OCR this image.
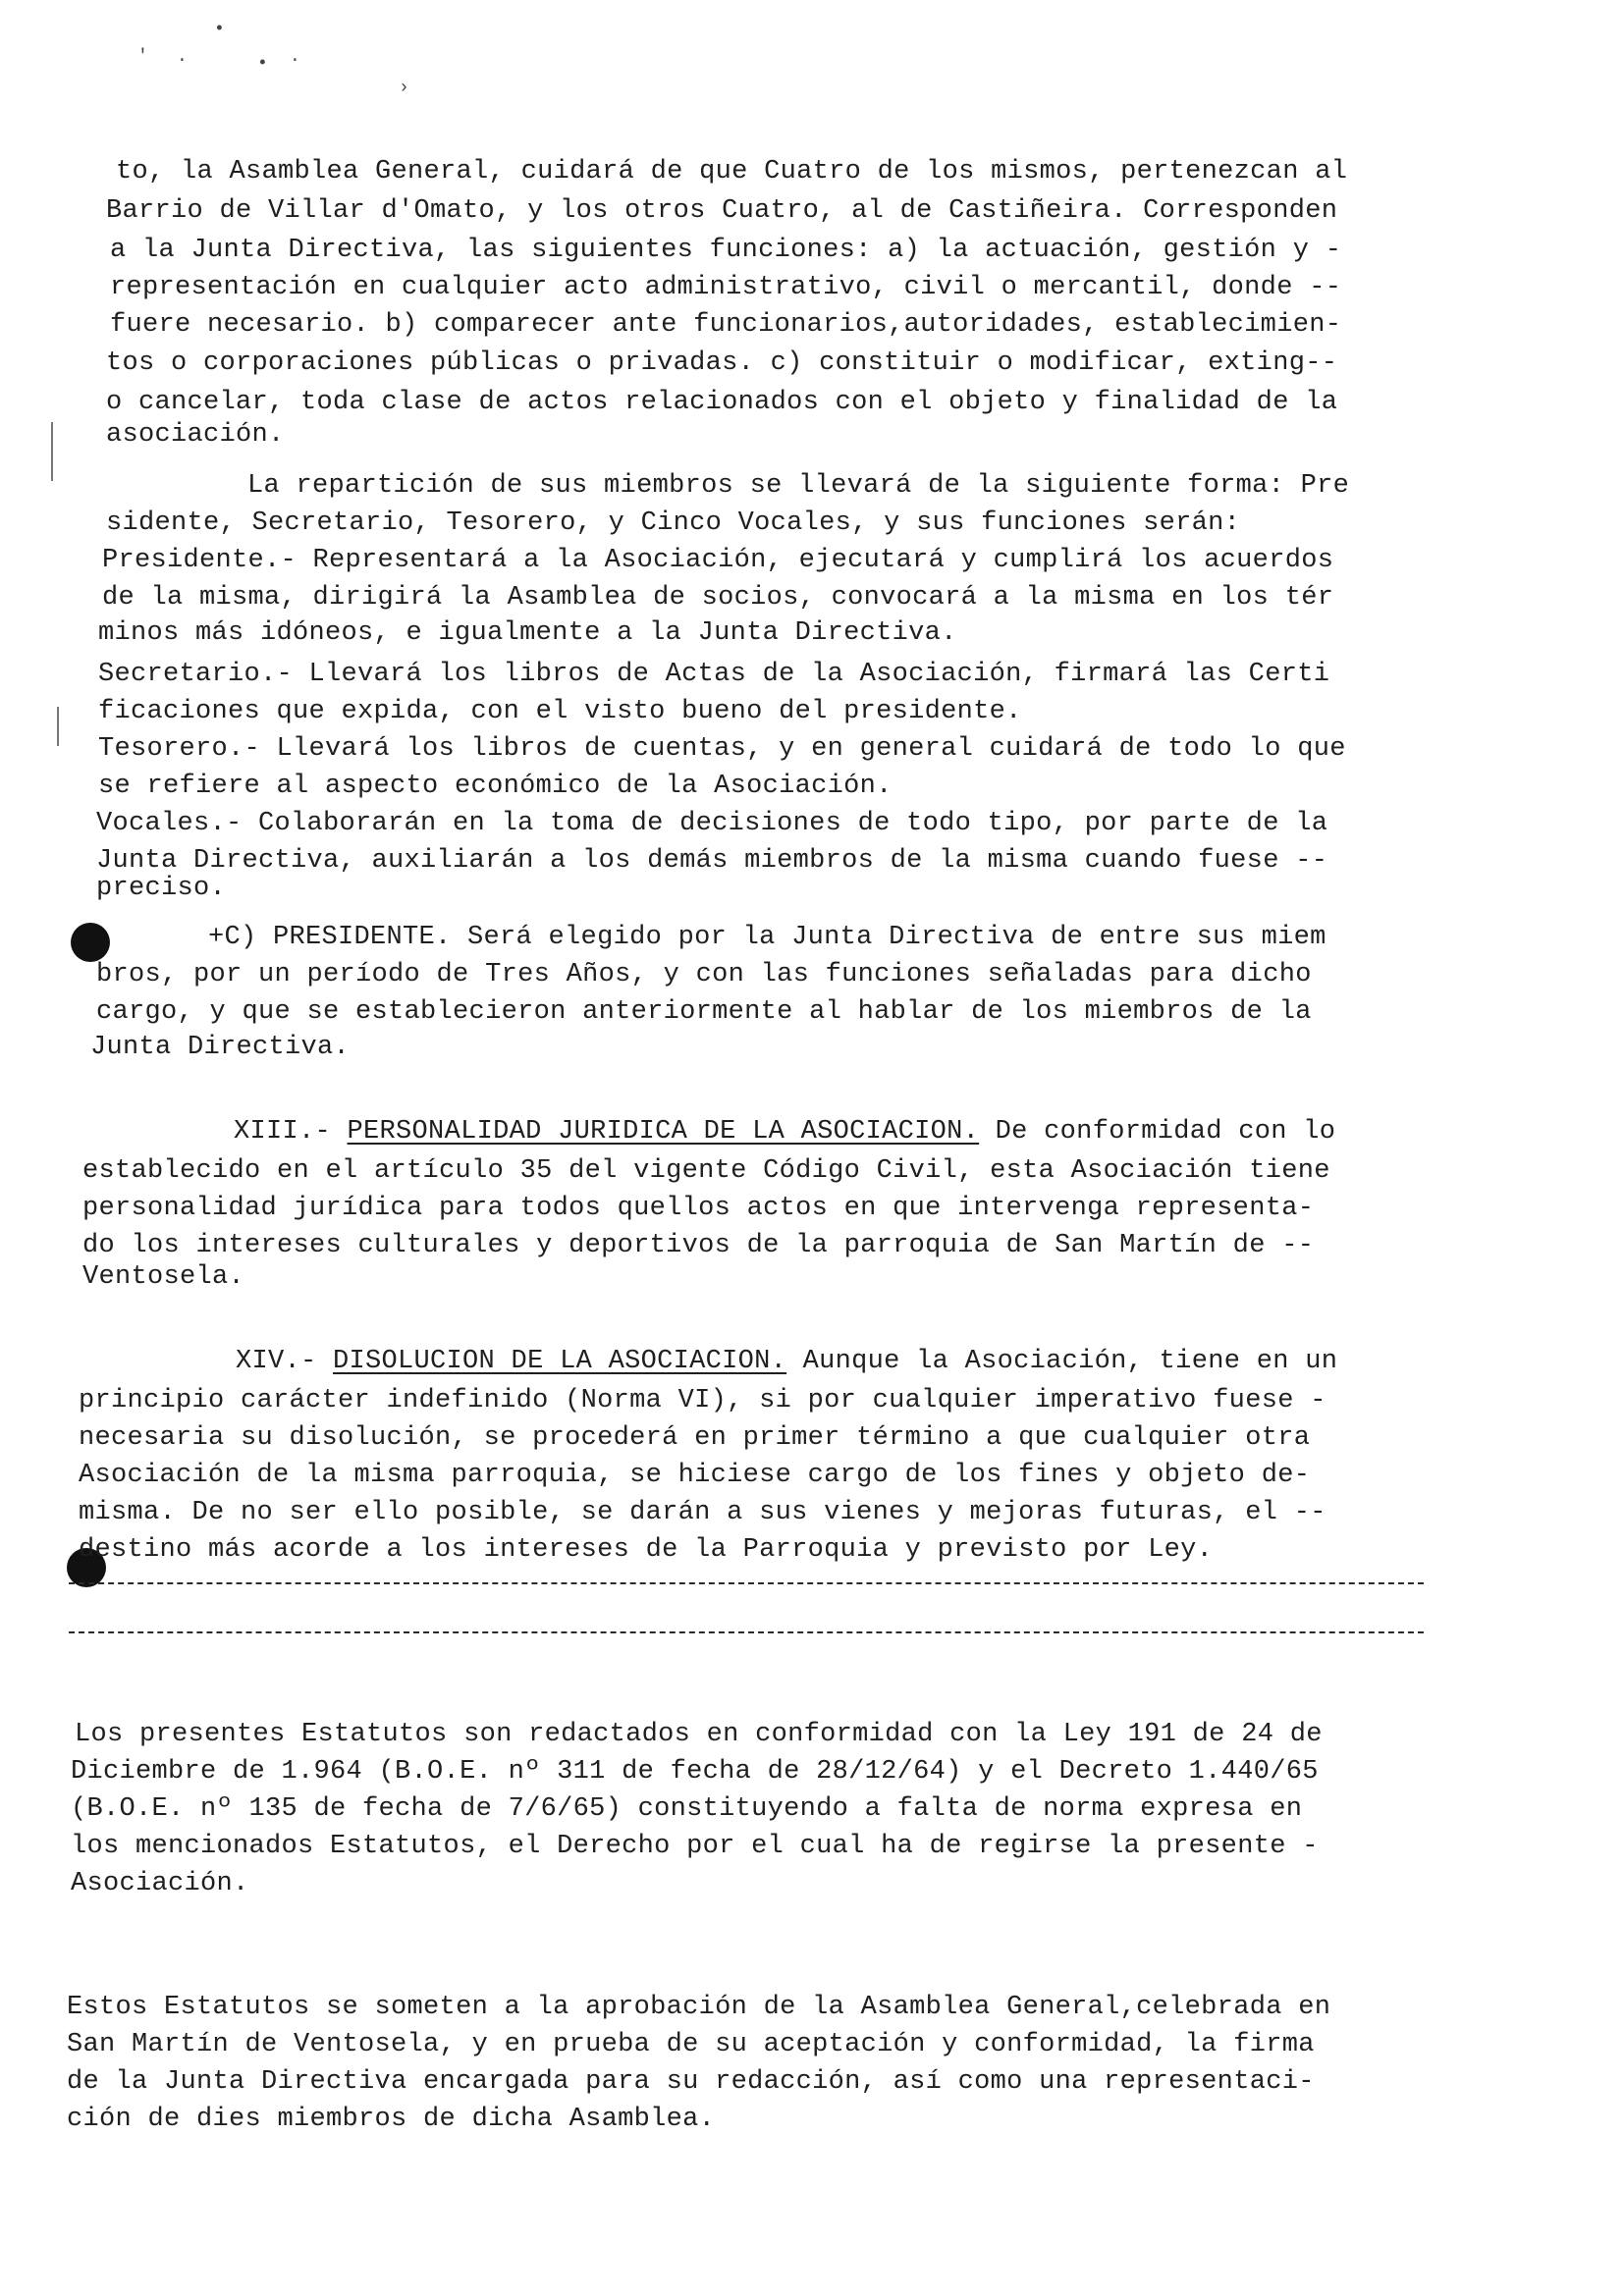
•
' ·	• ·
›
to, la Asamblea General, cuidará de que Cuatro de los mismos, pertenezcan al
Barrio de Villar d'Omato, y los otros Cuatro, al de Castiñeira. Corresponden
a la Junta Directiva, las siguientes funciones: a) la actuación, gestión y -
representación en cualquier acto administrativo, civil o mercantil, donde --
fuere necesario. b) comparecer ante funcionarios,autoridades, establecimien-
tos o corporaciones públicas o privadas. c) constituir o modificar, exting--
o cancelar, toda clase de actos relacionados con el objeto y finalidad de la
asociación.
La repartición de sus miembros se llevará de la siguiente forma: Pre
sidente, Secretario, Tesorero, y Cinco Vocales, y sus funciones serán:
Presidente.- Representará a la Asociación, ejecutará y cumplirá los acuerdos
de la misma, dirigirá la Asamblea de socios, convocará a la misma en los tér
minos más idóneos, e igualmente a la Junta Directiva.
Secretario.- Llevará los libros de Actas de la Asociación, firmará las Certi
ficaciones que expida, con el visto bueno del presidente.
Tesorero.- Llevará los libros de cuentas, y en general cuidará de todo lo que
se refiere al aspecto económico de la Asociación.
Vocales.- Colaborarán en la toma de decisiones de todo tipo, por parte de la
Junta Directiva, auxiliarán a los demás miembros de la misma cuando fuese --
preciso.
+C) PRESIDENTE. Será elegido por la Junta Directiva de entre sus miem
bros, por un período de Tres Años, y con las funciones señaladas para dicho
cargo, y que se establecieron anteriormente al hablar de los miembros de la
Junta Directiva.
XIII.- PERSONALIDAD JURIDICA DE LA ASOCIACION. De conformidad con lo
establecido en el artículo 35 del vigente Código Civil, esta Asociación tiene
personalidad jurídica para todos quellos actos en que intervenga representa-
do los intereses culturales y deportivos de la parroquia de San Martín de --
Ventosela.
XIV.- DISOLUCION DE LA ASOCIACION. Aunque la Asociación, tiene en un
principio carácter indefinido (Norma VI), si por cualquier imperativo fuese -
necesaria su disolución, se procederá en primer término a que cualquier otra
Asociación de la misma parroquia, se hiciese cargo de los fines y objeto de-
misma. De no ser ello posible, se darán a sus vienes y mejoras futuras, el --
destino más acorde a los intereses de la Parroquia y previsto por Ley.
Los presentes Estatutos son redactados en conformidad con la Ley 191 de 24 de
Diciembre de 1.964 (B.O.E. nº 311 de fecha de 28/12/64) y el Decreto 1.440/65
(B.O.E. nº 135 de fecha de 7/6/65) constituyendo a falta de norma expresa en
los mencionados Estatutos, el Derecho por el cual ha de regirse la presente -
Asociación.
Estos Estatutos se someten a la aprobación de la Asamblea General,celebrada en
San Martín de Ventosela, y en prueba de su aceptación y conformidad, la firma
de la Junta Directiva encargada para su redacción, así como una representaci-
ción de dies miembros de dicha Asamblea.
